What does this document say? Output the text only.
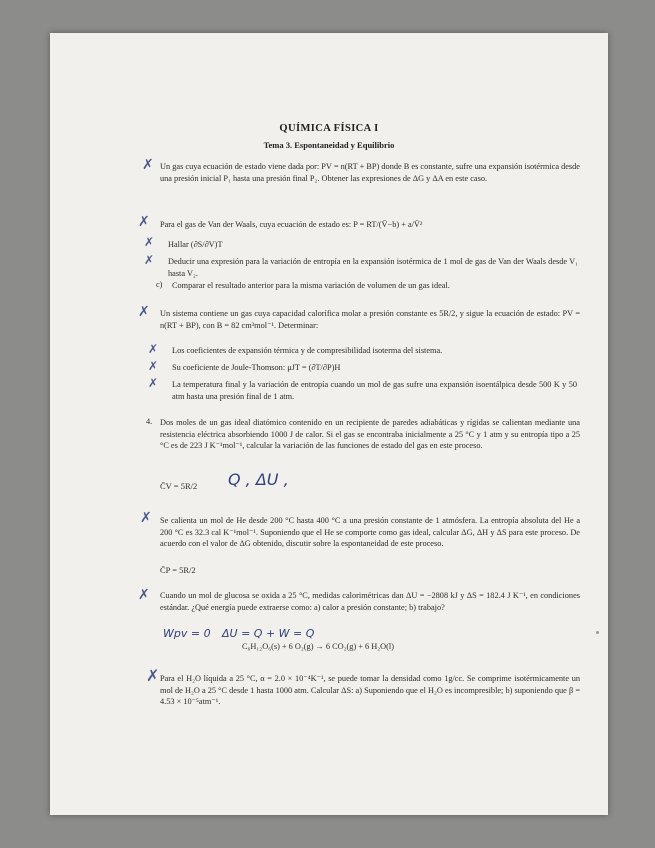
QUÍMICA FÍSICA I
Tema 3. Espontaneidad y Equilibrio
✗ Un gas cuya ecuación de estado viene dada por: PV = n(RT + BP) donde B es constante, sufre una expansión isotérmica desde una presión inicial P₁ hasta una presión final P₂. Obtener las expresiones de ΔG y ΔA en este caso.
✗ Para el gas de Van der Waals, cuya ecuación de estado es: P = RT/(V̄−b) + a/V̄²
✗ Hallar (∂S/∂V)T
✗ Deducir una expresión para la variación de entropía en la expansión isotérmica de 1 mol de gas de Van der Waals desde V₁ hasta V₂.
c) Comparar el resultado anterior para la misma variación de volumen de un gas ideal.
✗ Un sistema contiene un gas cuya capacidad calorífica molar a presión constante es 5R/2, y sigue la ecuación de estado: PV = n(RT + BP), con B = 82 cm³mol⁻¹. Determinar:
✗ Los coeficientes de expansión térmica y de compresibilidad isoterma del sistema.
✗ Su coeficiente de Joule-Thomson: μJT = (∂T/∂P)H
✗ La temperatura final y la variación de entropía cuando un mol de gas sufre una expansión isoentálpica desde 500 K y 50 atm hasta una presión final de 1 atm.
4. Dos moles de un gas ideal diatómico contenido en un recipiente de paredes adiabáticas y rígidas se calientan mediante una resistencia eléctrica absorbiendo 1000 J de calor. Si el gas se encontraba inicialmente a 25 °C y 1 atm y su entropía tipo a 25 °C es de 223 J K⁻¹mol⁻¹, calcular la variación de las funciones de estado del gas en este proceso.
C̄V = 5R/2 Q , ΔU ,
✗ Se calienta un mol de He desde 200 °C hasta 400 °C a una presión constante de 1 atmósfera. La entropía absoluta del He a 200 °C es 32.3 cal K⁻¹mol⁻¹. Suponiendo que el He se comporte como gas ideal, calcular ΔG, ΔH y ΔS para este proceso. De acuerdo con el valor de ΔG obtenido, discutir sobre la espontaneidad de este proceso.
C̄P = 5R/2
✗ Cuando un mol de glucosa se oxida a 25 °C, medidas calorimétricas dan ΔU = −2808 kJ y ΔS = 182.4 J K⁻¹, en condiciones estándar. ¿Qué energía puede extraerse como: a) calor a presión constante; b) trabajo?
Wpv = 0 ΔU = Q + W = Q
C₆H₁₂O₆(s) + 6 O₂(g) → 6 CO₂(g) + 6 H₂O(l)
✗ Para el H₂O líquida a 25 °C, α = 2.0 × 10⁻⁴K⁻¹, se puede tomar la densidad como 1g/cc. Se comprime isotérmicamente un mol de H₂O a 25 °C desde 1 hasta 1000 atm. Calcular ΔS: a) Suponiendo que el H₂O es incompresible; b) suponiendo que β = 4.53 × 10⁻⁵atm⁻¹.
